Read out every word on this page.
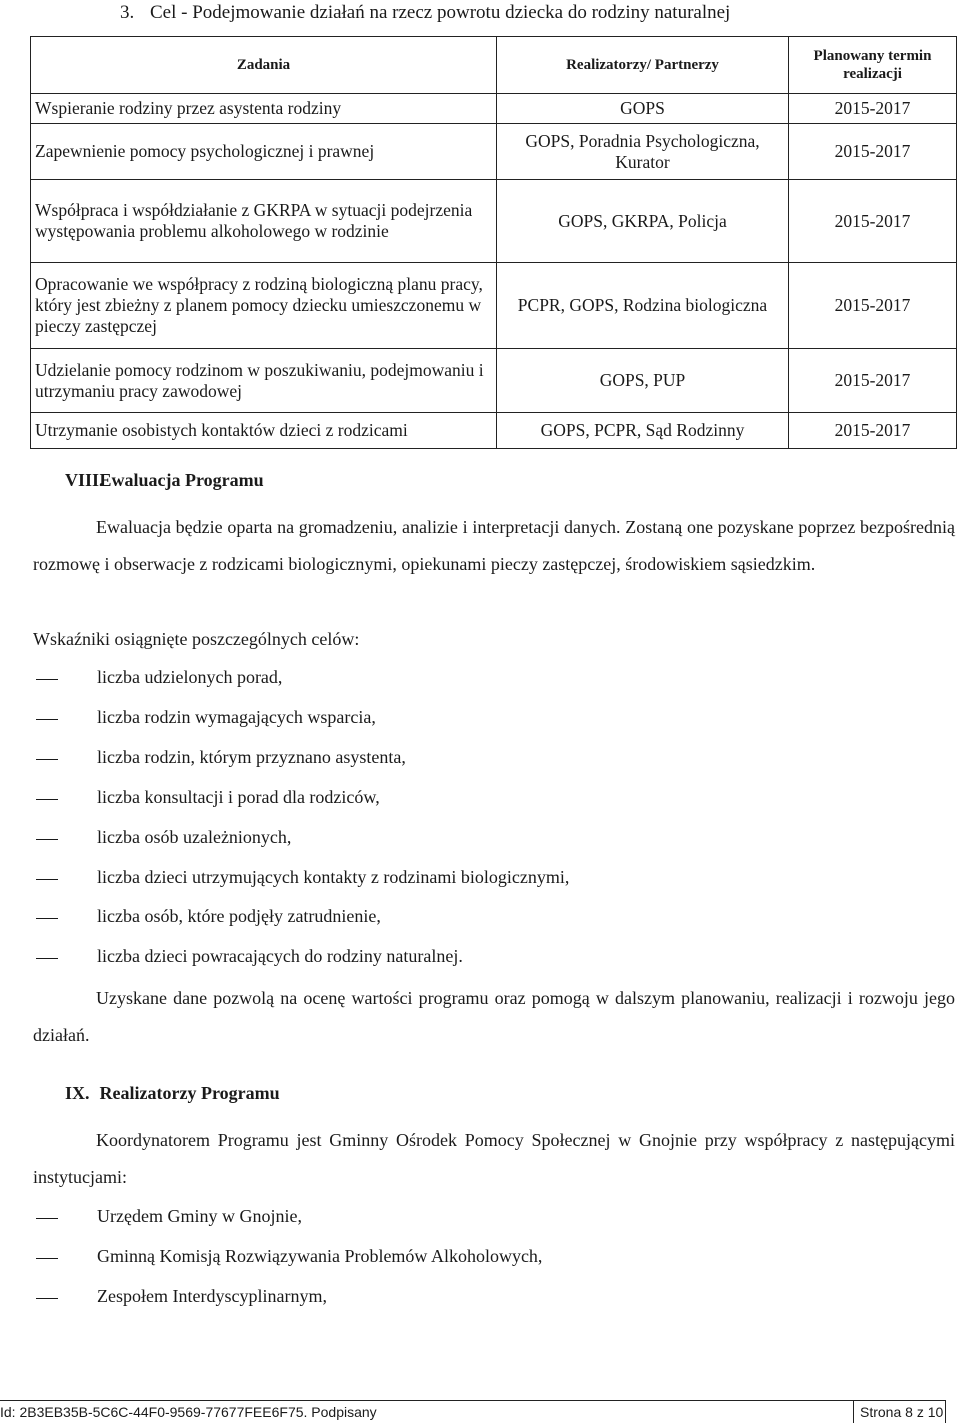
3. Cel - Podejmowanie działań na rzecz powrotu dziecka do rodziny naturalnej
Zadania	Realizatorzy/ Partnerzy	Planowany termin realizacji
Wspieranie rodziny przez asystenta rodziny	GOPS	2015-2017
Zapewnienie pomocy psychologicznej i prawnej	GOPS, Poradnia Psychologiczna, Kurator	2015-2017
Współpraca i współdziałanie z GKRPA w sytuacji podejrzenia występowania problemu alkoholowego w rodzinie	GOPS, GKRPA, Policja	2015-2017
Opracowanie we współpracy z rodziną biologiczną planu pracy, który jest zbieżny z planem pomocy dziecku umieszczonemu w pieczy zastępczej	PCPR, GOPS, Rodzina biologiczna	2015-2017
Udzielanie pomocy rodzinom w poszukiwaniu, podejmowaniu i utrzymaniu pracy zawodowej	GOPS, PUP	2015-2017
Utrzymanie osobistych kontaktów dzieci z rodzicami	GOPS, PCPR, Sąd Rodzinny	2015-2017
VIII. Ewaluacja Programu
Ewaluacja będzie oparta na gromadzeniu, analizie i interpretacji danych. Zostaną one pozyskane poprzez bezpośrednią rozmowę i obserwacje z rodzicami biologicznymi, opiekunami pieczy zastępczej, środowiskiem sąsiedzkim.
Wskaźniki osiągnięte poszczególnych celów:
liczba udzielonych porad,
liczba rodzin wymagających wsparcia,
liczba rodzin, którym przyznano asystenta,
liczba konsultacji i porad dla rodziców,
liczba osób uzależnionych,
liczba dzieci utrzymujących kontakty z rodzinami biologicznymi,
liczba osób, które podjęły zatrudnienie,
liczba dzieci powracających do rodziny naturalnej.
Uzyskane dane pozwolą na ocenę wartości programu oraz pomogą w dalszym planowaniu, realizacji i rozwoju jego działań.
IX. Realizatorzy Programu
Koordynatorem Programu jest Gminny Ośrodek Pomocy Społecznej w Gnojnie przy współpracy z następującymi instytucjami:
Urzędem Gminy w Gnojnie,
Gminną Komisją Rozwiązywania Problemów Alkoholowych,
Zespołem Interdyscyplinarnym,
Id: 2B3EB35B-5C6C-44F0-9569-77677FEE6F75. Podpisany	Strona 8 z 10
